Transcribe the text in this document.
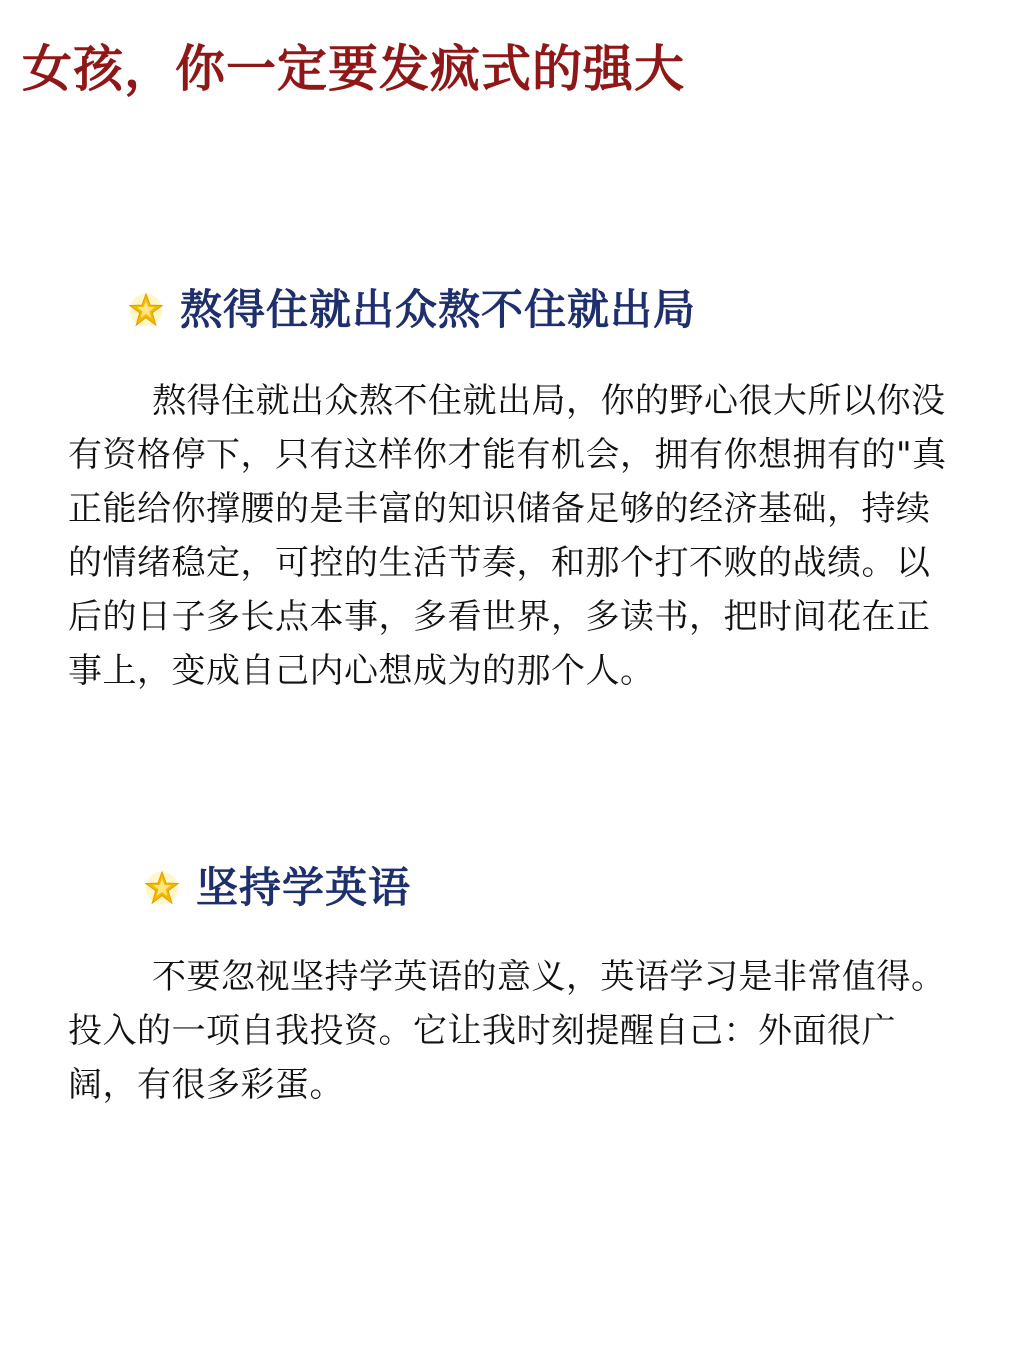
女孩，你一定要发疯式的强大
熬得住就出众熬不住就出局

熬得住就出众熬不住就出局，你的野心很大所以你没有资格停下，只有这样你才能有机会，拥有你想拥有的"真正能给你撑腰的是丰富的知识储备足够的经济基础，持续的情绪稳定，可控的生活节奏，和那个打不败的战绩。以后的日子多长点本事，多看世界，多读书，把时间花在正事上，变成自己内心想成为的那个人。

坚持学英语

不要忽视坚持学英语的意义，英语学习是非常值得。投入的一项自我投资。它让我时刻提醒自己：外面很广阔，有很多彩蛋。
